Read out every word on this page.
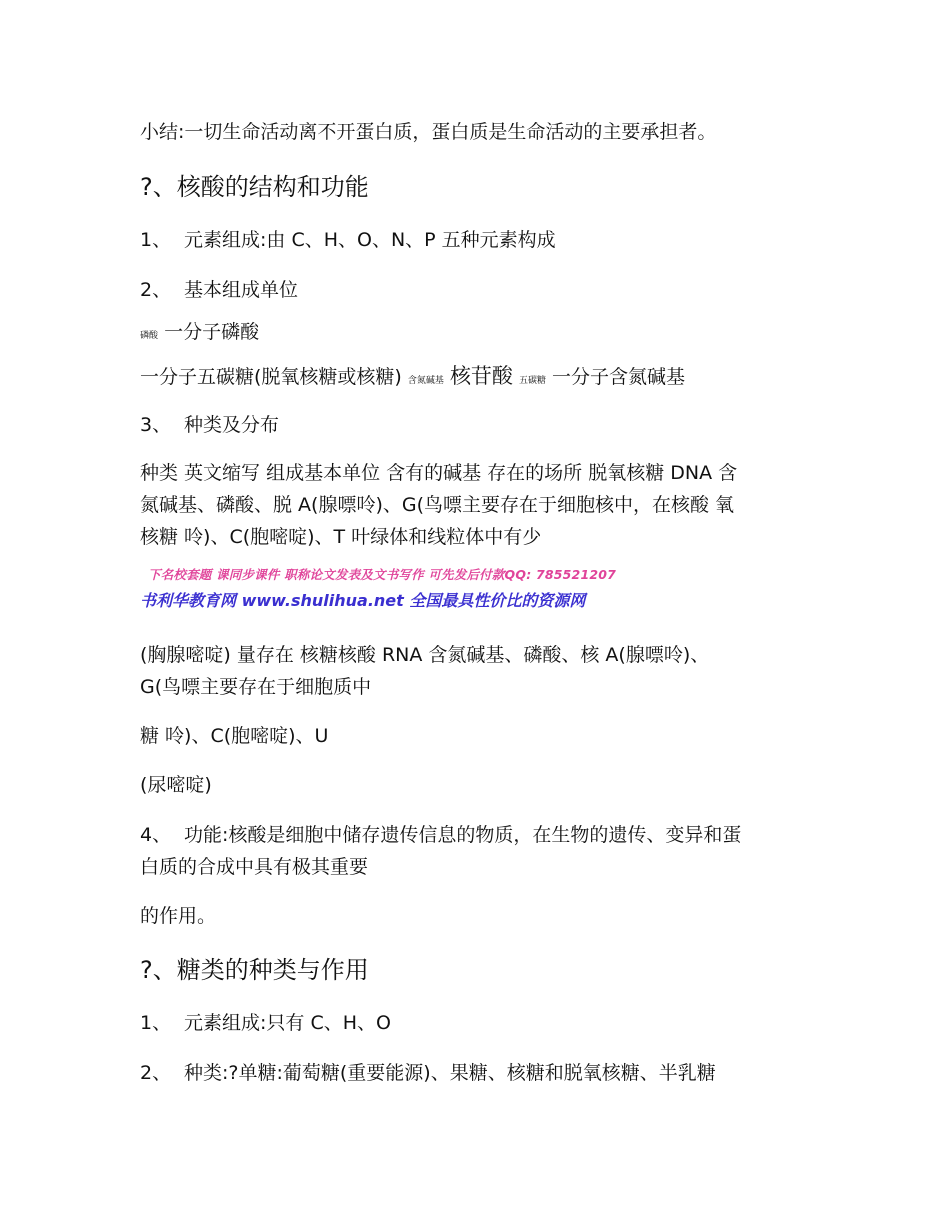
小结:一切生命活动离不开蛋白质，蛋白质是生命活动的主要承担者。
?、核酸的结构和功能
1、 元素组成:由 C、H、O、N、P 五种元素构成
2、 基本组成单位
磷酸 一分子磷酸
一分子五碳糖(脱氧核糖或核糖) 含氮碱基 核苷酸 五碳糖 一分子含氮碱基
3、 种类及分布
种类 英文缩写 组成基本单位 含有的碱基 存在的场所 脱氧核糖 DNA 含
氮碱基、磷酸、脱 A(腺嘌呤)、G(鸟嘌主要存在于细胞核中，在核酸 氧
核糖 呤)、C(胞嘧啶)、T 叶绿体和线粒体中有少
下名校套题 课同步课件 职称论文发表及文书写作 可先发后付款QQ: 785521207
书利华教育网 www.shulihua.net 全国最具性价比的资源网
(胸腺嘧啶) 量存在 核糖核酸 RNA 含氮碱基、磷酸、核 A(腺嘌呤)、
G(鸟嘌主要存在于细胞质中
糖 呤)、C(胞嘧啶)、U
(尿嘧啶)
4、 功能:核酸是细胞中储存遗传信息的物质，在生物的遗传、变异和蛋
白质的合成中具有极其重要
的作用。
?、糖类的种类与作用
1、 元素组成:只有 C、H、O
2、 种类:?单糖:葡萄糖(重要能源)、果糖、核糖和脱氧核糖、半乳糖
